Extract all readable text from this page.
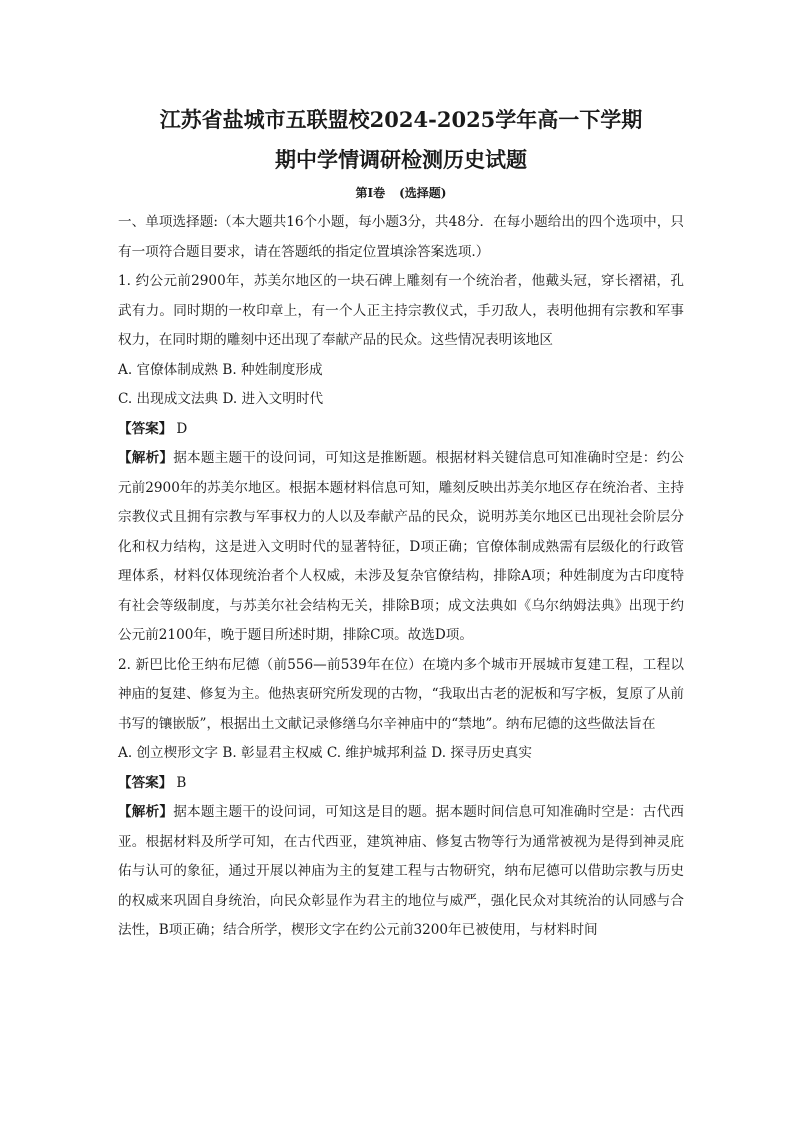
江苏省盐城市五联盟校2024-2025学年高一下学期
期中学情调研检测历史试题
第Ⅰ卷 (选择题)

一、单项选择题:（本大题共16个小题，每小题3分，共48分．在每小题给出的四个选项中，只有一项符合题目要求，请在答题纸的指定位置填涂答案选项.）

1. 约公元前2900年，苏美尔地区的一块石碑上雕刻有一个统治者，他戴头冠，穿长褶裙，孔武有力。同时期的一枚印章上，有一个人正主持宗教仪式，手刃敌人，表明他拥有宗教和军事权力，在同时期的雕刻中还出现了奉献产品的民众。这些情况表明该地区

A. 官僚体制成熟 B. 种姓制度形成
C. 出现成文法典 D. 进入文明时代
【答案】 D

【解析】据本题主题干的设问词，可知这是推断题。根据材料关键信息可知准确时空是：约公元前2900年的苏美尔地区。根据本题材料信息可知，雕刻反映出苏美尔地区存在统治者、主持宗教仪式且拥有宗教与军事权力的人以及奉献产品的民众，说明苏美尔地区已出现社会阶层分化和权力结构，这是进入文明时代的显著特征，D项正确；官僚体制成熟需有层级化的行政管理体系，材料仅体现统治者个人权威，未涉及复杂官僚结构，排除A项；种姓制度为古印度特有社会等级制度，与苏美尔社会结构无关，排除B项；成文法典如《乌尔纳姆法典》出现于约公元前2100年，晚于题目所述时期，排除C项。故选D项。

2. 新巴比伦王纳布尼德（前556—前539年在位）在境内多个城市开展城市复建工程，工程以神庙的复建、修复为主。他热衷研究所发现的古物，“我取出古老的泥板和写字板，复原了从前书写的镶嵌版”，根据出土文献记录修缮乌尔辛神庙中的“禁地”。纳布尼德的这些做法旨在

A. 创立楔形文字 B. 彰显君主权威 C. 维护城邦利益 D. 探寻历史真实
【答案】 B

【解析】据本题主题干的设问词，可知这是目的题。据本题时间信息可知准确时空是：古代西亚。根据材料及所学可知，在古代西亚，建筑神庙、修复古物等行为通常被视为是得到神灵庇佑与认可的象征，通过开展以神庙为主的复建工程与古物研究，纳布尼德可以借助宗教与历史的权威来巩固自身统治，向民众彰显作为君主的地位与威严，强化民众对其统治的认同感与合法性，B项正确；结合所学，楔形文字在约公元前3200年已被使用，与材料时间
